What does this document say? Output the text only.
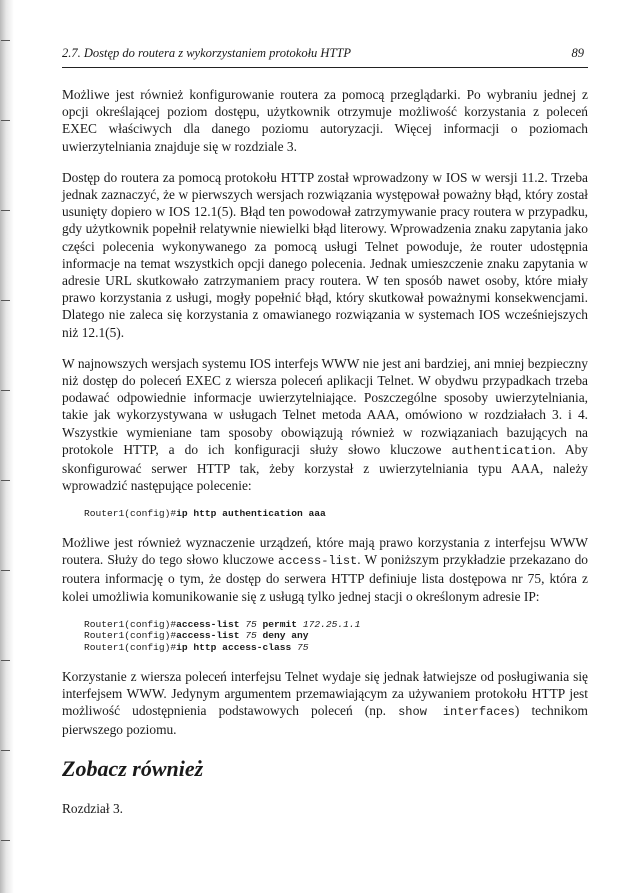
2.7. Dostęp do routera z wykorzystaniem protokołu HTTP	89

Możliwe jest również konfigurowanie routera za pomocą przeglądarki. Po wybraniu jednej z opcji określającej poziom dostępu, użytkownik otrzymuje możliwość korzystania z poleceń EXEC właściwych dla danego poziomu autoryzacji. Więcej informacji o poziomach uwierzytelniania znajduje się w rozdziale 3.

Dostęp do routera za pomocą protokołu HTTP został wprowadzony w IOS w wersji 11.2. Trzeba jednak zaznaczyć, że w pierwszych wersjach rozwiązania występował poważny błąd, który został usunięty dopiero w IOS 12.1(5). Błąd ten powodował zatrzymywanie pracy routera w przypadku, gdy użytkownik popełnił relatywnie niewielki błąd literowy. Wprowadzenia znaku zapytania jako części polecenia wykonywanego za pomocą usługi Telnet powoduje, że router udostępnia informacje na temat wszystkich opcji danego polecenia. Jednak umieszczenie znaku zapytania w adresie URL skutkowało zatrzymaniem pracy routera. W ten sposób nawet osoby, które miały prawo korzystania z usługi, mogły popełnić błąd, który skutkował poważnymi konsekwencjami. Dlatego nie zaleca się korzystania z omawianego rozwiązania w systemach IOS wcześniejszych niż 12.1(5).

W najnowszych wersjach systemu IOS interfejs WWW nie jest ani bardziej, ani mniej bezpieczny niż dostęp do poleceń EXEC z wiersza poleceń aplikacji Telnet. W obydwu przypadkach trzeba podawać odpowiednie informacje uwierzytelniające. Poszczególne sposoby uwierzytelniania, takie jak wykorzystywana w usługach Telnet metoda AAA, omówiono w rozdziałach 3. i 4. Wszystkie wymieniane tam sposoby obowiązują również w rozwiązaniach bazujących na protokole HTTP, a do ich konfiguracji służy słowo kluczowe authentication. Aby skonfigurować serwer HTTP tak, żeby korzystał z uwierzytelniania typu AAA, należy wprowadzić następujące polecenie:

Router1(config)#ip http authentication aaa

Możliwe jest również wyznaczenie urządzeń, które mają prawo korzystania z interfejsu WWW routera. Służy do tego słowo kluczowe access-list. W poniższym przykładzie przekazano do routera informację o tym, że dostęp do serwera HTTP definiuje lista dostępowa nr 75, która z kolei umożliwia komunikowanie się z usługą tylko jednej stacji o określonym adresie IP:

Router1(config)#access-list 75 permit 172.25.1.1
Router1(config)#access-list 75 deny any
Router1(config)#ip http access-class 75

Korzystanie z wiersza poleceń interfejsu Telnet wydaje się jednak łatwiejsze od posługiwania się interfejsem WWW. Jedynym argumentem przemawiającym za używaniem protokołu HTTP jest możliwość udostępnienia podstawowych poleceń (np. show interfaces) technikom pierwszego poziomu.

Zobacz również

Rozdział 3.
